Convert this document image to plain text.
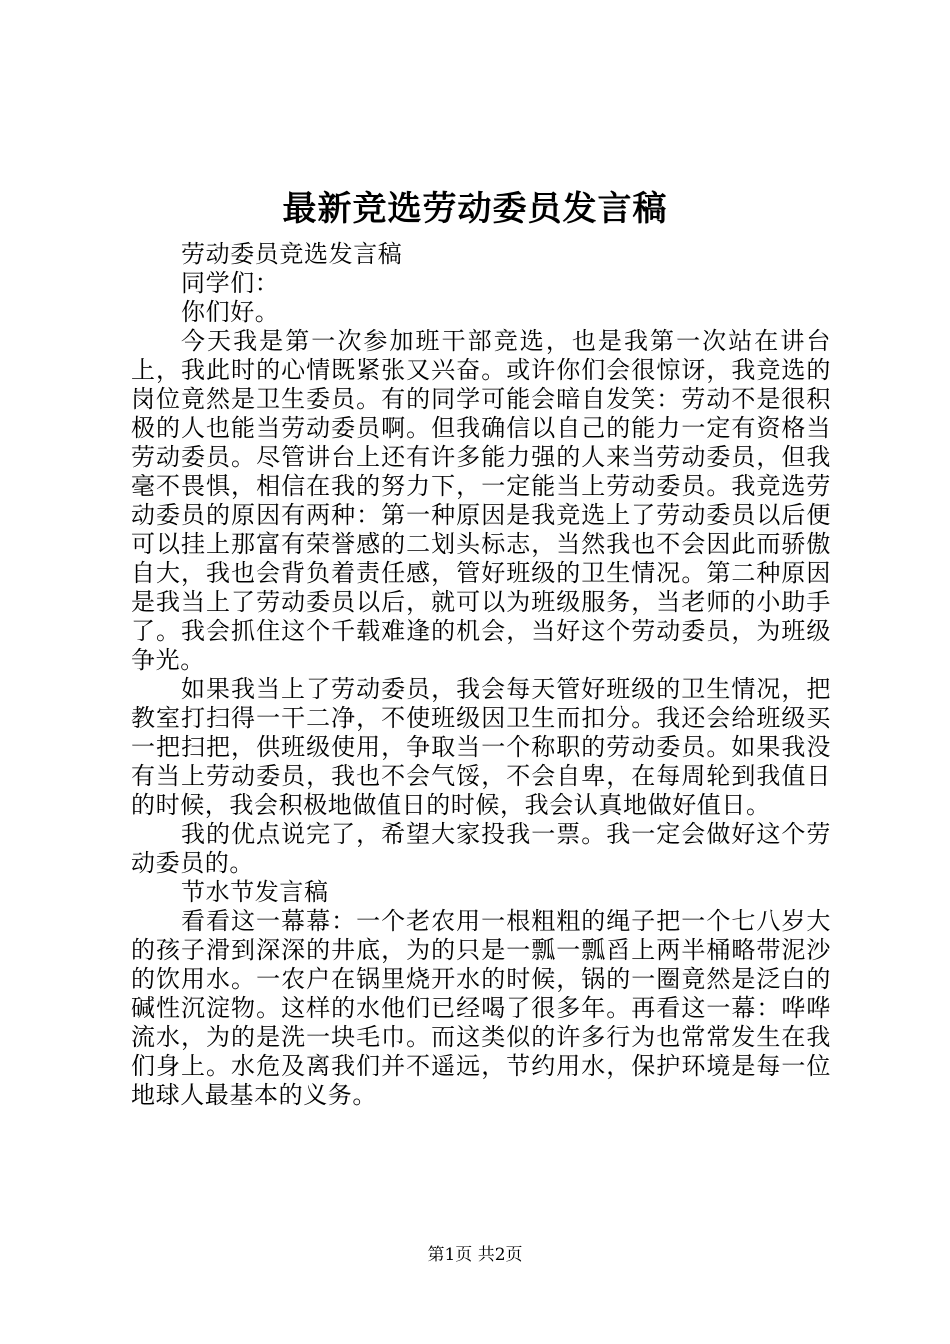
最新竞选劳动委员发言稿

劳动委员竞选发言稿

同学们：

你们好。

今天我是第一次参加班干部竞选，也是我第一次站在讲台上，我此时的心情既紧张又兴奋。或许你们会很惊讶，我竞选的岗位竟然是卫生委员。有的同学可能会暗自发笑：劳动不是很积极的人也能当劳动委员啊。但我确信以自己的能力一定有资格当劳动委员。尽管讲台上还有许多能力强的人来当劳动委员，但我毫不畏惧，相信在我的努力下，一定能当上劳动委员。我竞选劳动委员的原因有两种：第一种原因是我竞选上了劳动委员以后便可以挂上那富有荣誉感的二划头标志，当然我也不会因此而骄傲自大，我也会背负着责任感，管好班级的卫生情况。第二种原因是我当上了劳动委员以后，就可以为班级服务，当老师的小助手了。我会抓住这个千载难逢的机会，当好这个劳动委员，为班级争光。

如果我当上了劳动委员，我会每天管好班级的卫生情况，把教室打扫得一干二净，不使班级因卫生而扣分。我还会给班级买一把扫把，供班级使用，争取当一个称职的劳动委员。如果我没有当上劳动委员，我也不会气馁，不会自卑，在每周轮到我值日的时候，我会积极地做值日的时候，我会认真地做好值日。

我的优点说完了，希望大家投我一票。我一定会做好这个劳动委员的。

节水节发言稿

看看这一幕幕：一个老农用一根粗粗的绳子把一个七八岁大的孩子滑到深深的井底，为的只是一瓢一瓢舀上两半桶略带泥沙的饮用水。一农户在锅里烧开水的时候，锅的一圈竟然是泛白的碱性沉淀物。这样的水他们已经喝了很多年。再看这一幕：哗哗流水，为的是洗一块毛巾。而这类似的许多行为也常常发生在我们身上。水危及离我们并不遥远，节约用水，保护环境是每一位地球人最基本的义务。

第1页 共2页
